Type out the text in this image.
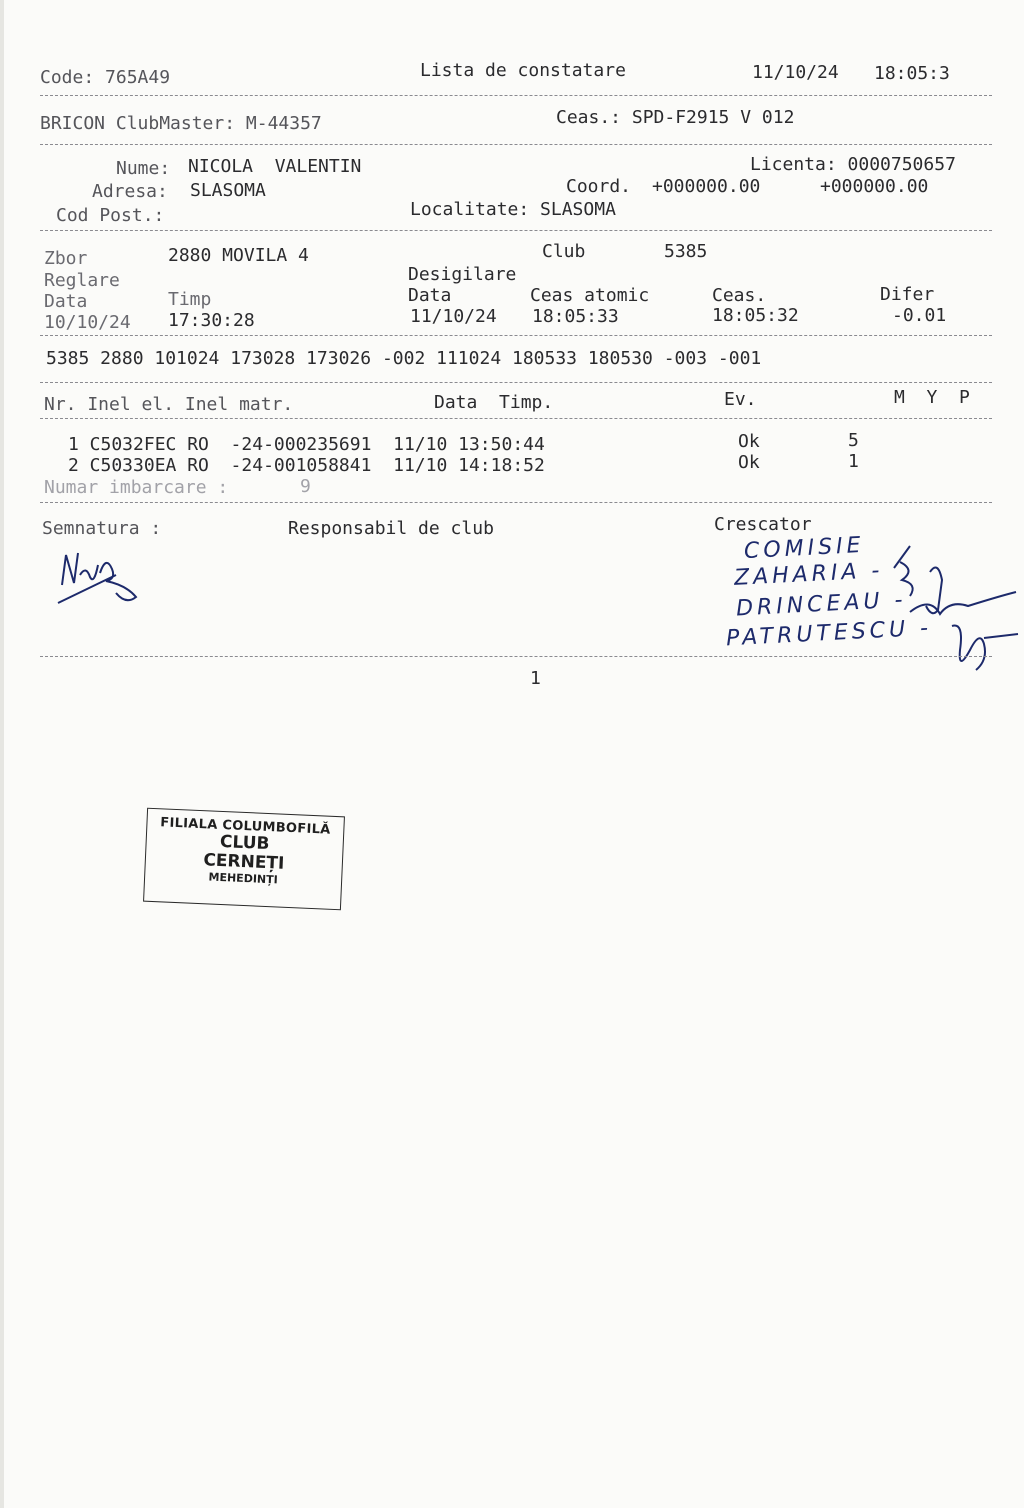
Code: 765A49	Lista de constatare	11/10/24 18:05:3
BRICON ClubMaster: M-44357	Ceas.: SPD-F2915 V 012
Nume: NICOLA  VALENTIN	Licenta: 0000750657
Adresa: SLASOMA	Coord. +000000.00	+000000.00
Cod Post.:	Localitate: SLASOMA
Zbor	2880 MOVILA 4	Club	5385
Reglare	Desigilare
Data	Timp	Data	Ceas atomic	Ceas.	Difer
10/10/24 17:30:28	11/10/24 18:05:33	18:05:32	-0.01
5385 2880 101024 173028 173026 -002 111024 180533 180530 -003 -001
Nr. Inel el. Inel matr.	Data  Timp.	Ev.	M  Y  P
1 C5032FEC RO  -24-000235691  11/10 13:50:44	Ok	5
2 C50330EA RO  -24-001058841  11/10 14:18:52	Ok	1
Numar imbarcare :	9
Semnatura :	Responsabil de club	Crescator
COMISIE
ZAHARIA -
DRINCEAU -
PATRUTESCU -
1
FILIALA COLUMBOFILĂ
CLUB
CERNEȚI
MEHEDINȚI
